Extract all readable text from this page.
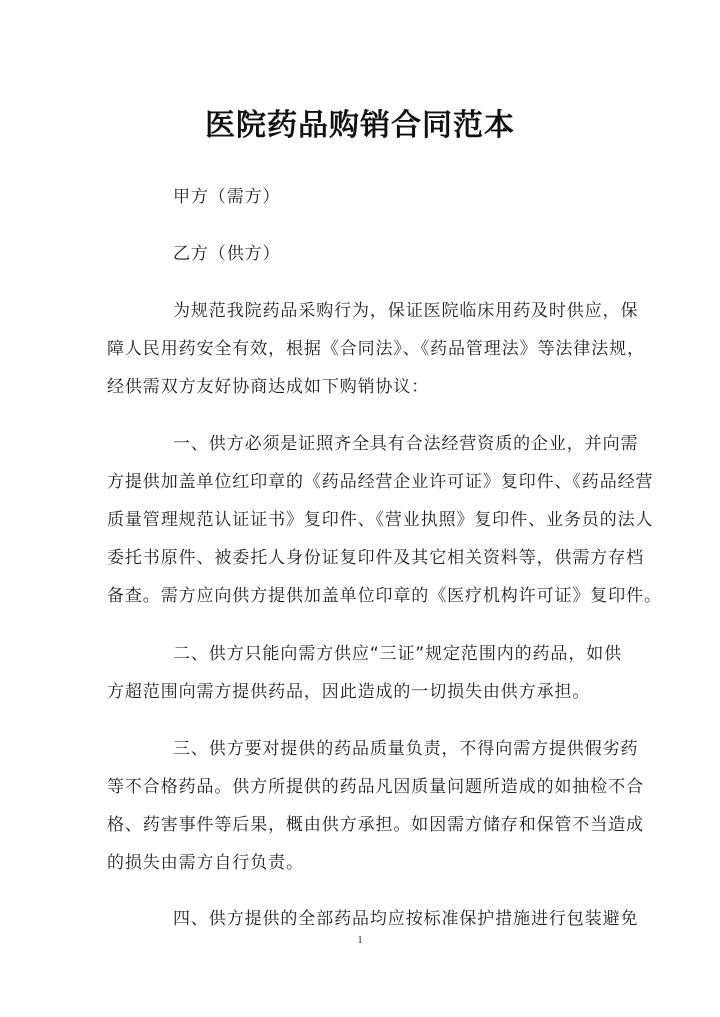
医院药品购销合同范本
甲方（需方）
乙方（供方）
为规范我院药品采购行为，保证医院临床用药及时供应，保
障人民用药安全有效，根据《合同法》、《药品管理法》等法律法规，
经供需双方友好协商达成如下购销协议：
一、供方必须是证照齐全具有合法经营资质的企业，并向需
方提供加盖单位红印章的《药品经营企业许可证》复印件、《药品经营
质量管理规范认证证书》复印件、《营业执照》复印件、业务员的法人
委托书原件、被委托人身份证复印件及其它相关资料等，供需方存档
备查。需方应向供方提供加盖单位印章的《医疗机构许可证》复印件。
二、供方只能向需方供应“三证”规定范围内的药品，如供
方超范围向需方提供药品，因此造成的一切损失由供方承担。
三、供方要对提供的药品质量负责，不得向需方提供假劣药
等不合格药品。供方所提供的药品凡因质量问题所造成的如抽检不合
格、药害事件等后果，概由供方承担。如因需方储存和保管不当造成
的损失由需方自行负责。
四、供方提供的全部药品均应按标准保护措施进行包装避免
1
